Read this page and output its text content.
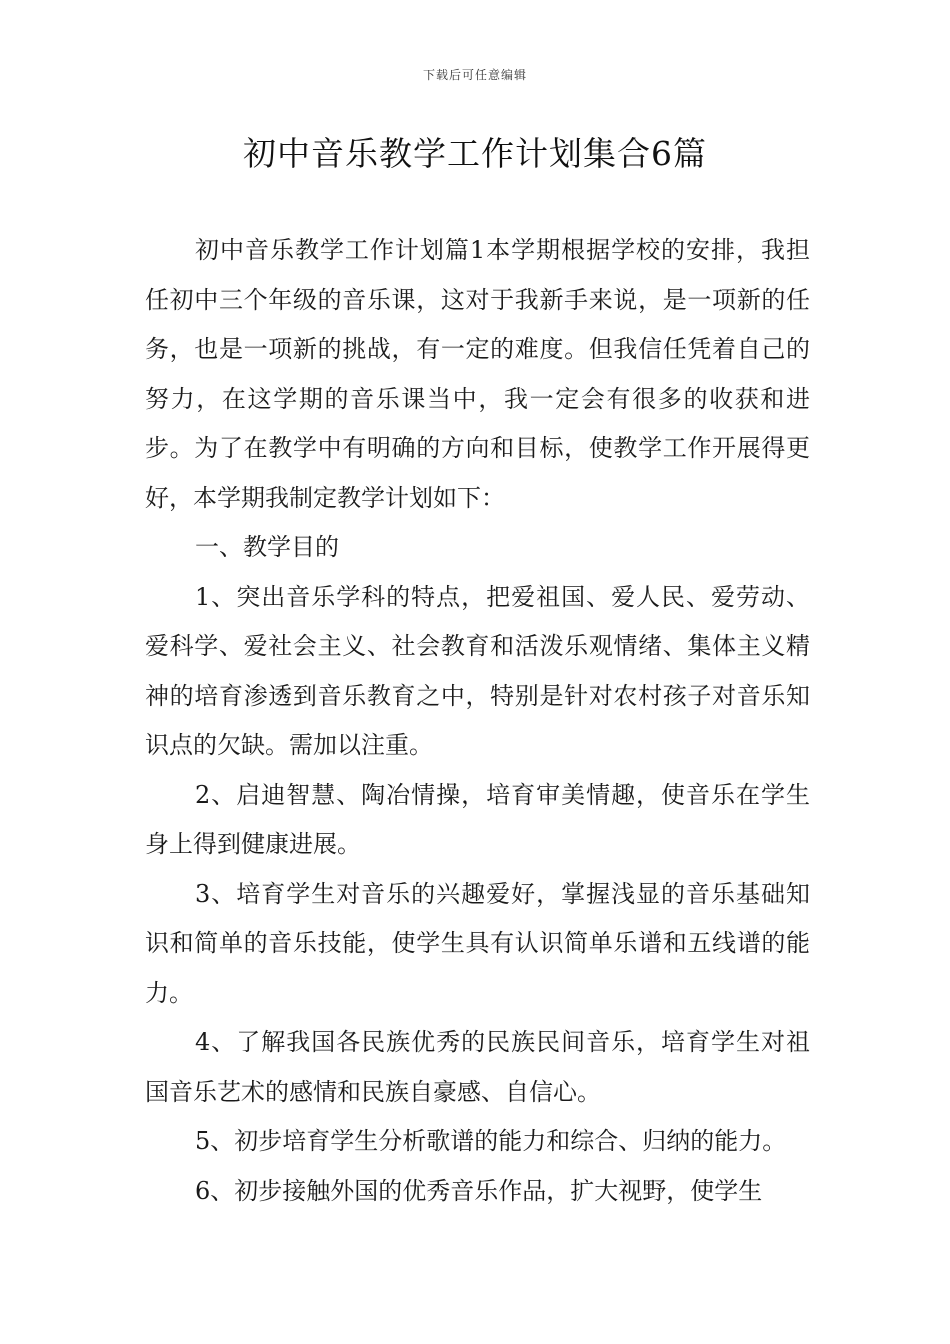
下载后可任意编辑
初中音乐教学工作计划集合6篇

初中音乐教学工作计划篇1本学期根据学校的安排，我担任初中三个年级的音乐课，这对于我新手来说，是一项新的任务，也是一项新的挑战，有一定的难度。但我信任凭着自己的努力，在这学期的音乐课当中，我一定会有很多的收获和进步。为了在教学中有明确的方向和目标，使教学工作开展得更好，本学期我制定教学计划如下：

一、教学目的

1、突出音乐学科的特点，把爱祖国、爱人民、爱劳动、爱科学、爱社会主义、社会教育和活泼乐观情绪、集体主义精神的培育渗透到音乐教育之中，特别是针对农村孩子对音乐知识点的欠缺。需加以注重。

2、启迪智慧、陶冶情操，培育审美情趣，使音乐在学生身上得到健康进展。

3、培育学生对音乐的兴趣爱好，掌握浅显的音乐基础知识和简单的音乐技能，使学生具有认识简单乐谱和五线谱的能力。

4、了解我国各民族优秀的民族民间音乐，培育学生对祖国音乐艺术的感情和民族自豪感、自信心。

5、初步培育学生分析歌谱的能力和综合、归纳的能力。

6、初步接触外国的优秀音乐作品，扩大视野，使学生
